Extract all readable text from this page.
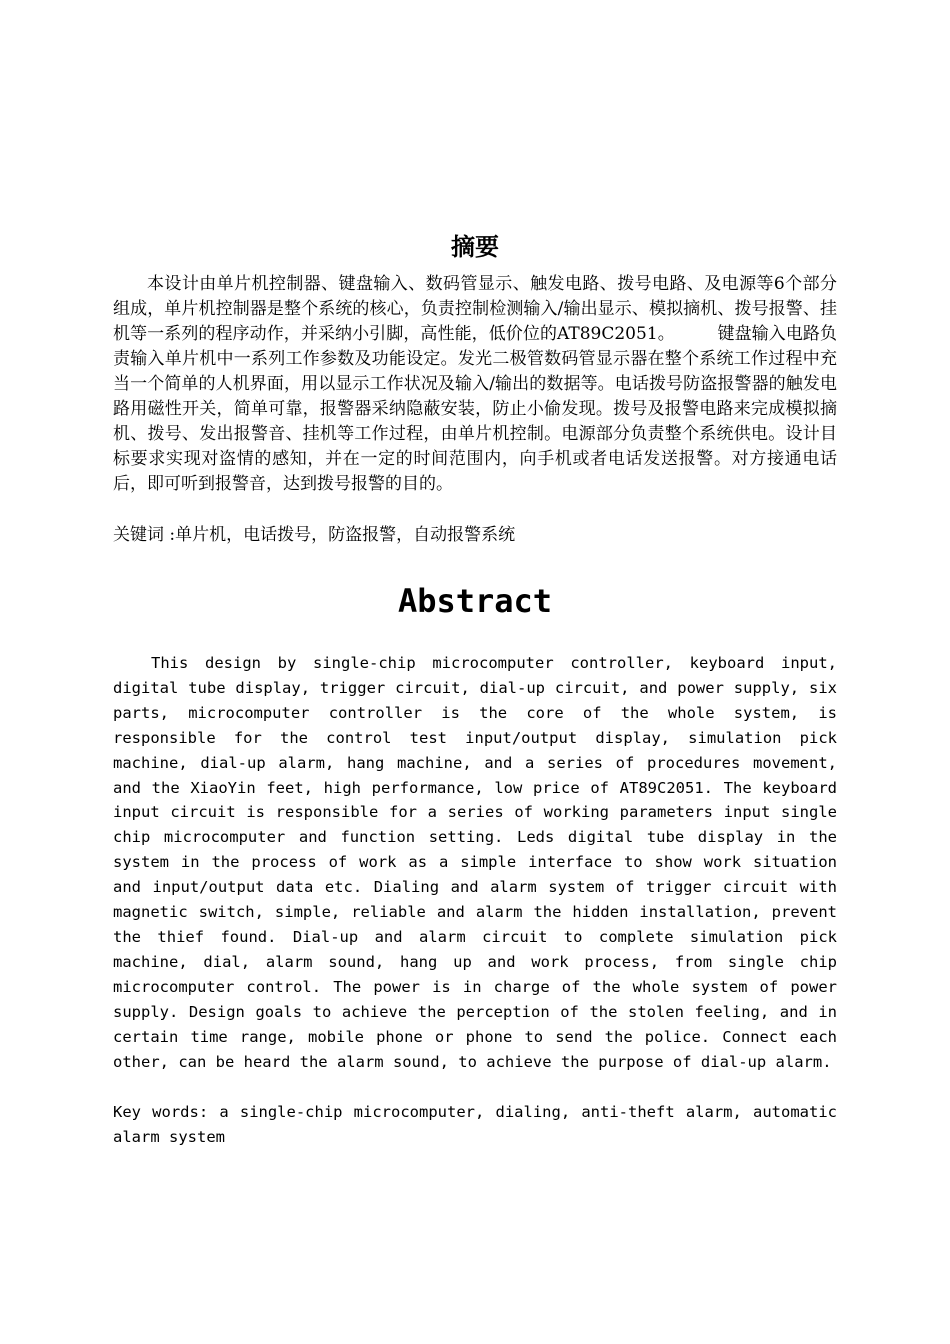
摘要

本设计由单片机控制器、键盘输入、数码管显示、触发电路、拨号电路、及电源等6个部分组成，单片机控制器是整个系统的核心，负责控制检测输入/输出显示、模拟摘机、拨号报警、挂机等一系列的程序动作，并采纳小引脚，高性能，低价位的AT89C2051。　　　键盘输入电路负责输入单片机中一系列工作参数及功能设定。发光二极管数码管显示器在整个系统工作过程中充当一个简单的人机界面，用以显示工作状况及输入/输出的数据等。电话拨号防盗报警器的触发电路用磁性开关，简单可靠，报警器采纳隐蔽安装，防止小偷发现。拨号及报警电路来完成模拟摘机、拨号、发出报警音、挂机等工作过程，由单片机控制。电源部分负责整个系统供电。设计目标要求实现对盗情的感知，并在一定的时间范围内，向手机或者电话发送报警。对方接通电话后，即可听到报警音，达到拨号报警的目的。

关键词 :单片机，电话拨号，防盗报警，自动报警系统

Abstract

This design by single-chip microcomputer controller, keyboard input, digital tube display, trigger circuit, dial-up circuit, and power supply, six parts, microcomputer controller is the core of the whole system, is responsible for the control test input/output display, simulation pick machine, dial-up alarm, hang machine, and a series of procedures movement, and the XiaoYin feet, high performance, low price of AT89C2051. The keyboard input circuit is responsible for a series of working parameters input single chip microcomputer and function setting. Leds digital tube display in the system in the process of work as a simple interface to show work situation and input/output data etc. Dialing and alarm system of trigger circuit with magnetic switch, simple, reliable and alarm the hidden installation, prevent the thief found. Dial-up and alarm circuit to complete simulation pick machine, dial, alarm sound, hang up and work process, from single chip microcomputer control. The power is in charge of the whole system of power supply. Design goals to achieve the perception of the stolen feeling, and in certain time range, mobile phone or phone to send the police. Connect each other, can be heard the alarm sound, to achieve the purpose of dial-up alarm.

Key words: a single-chip microcomputer, dialing, anti-theft alarm, automatic alarm system
